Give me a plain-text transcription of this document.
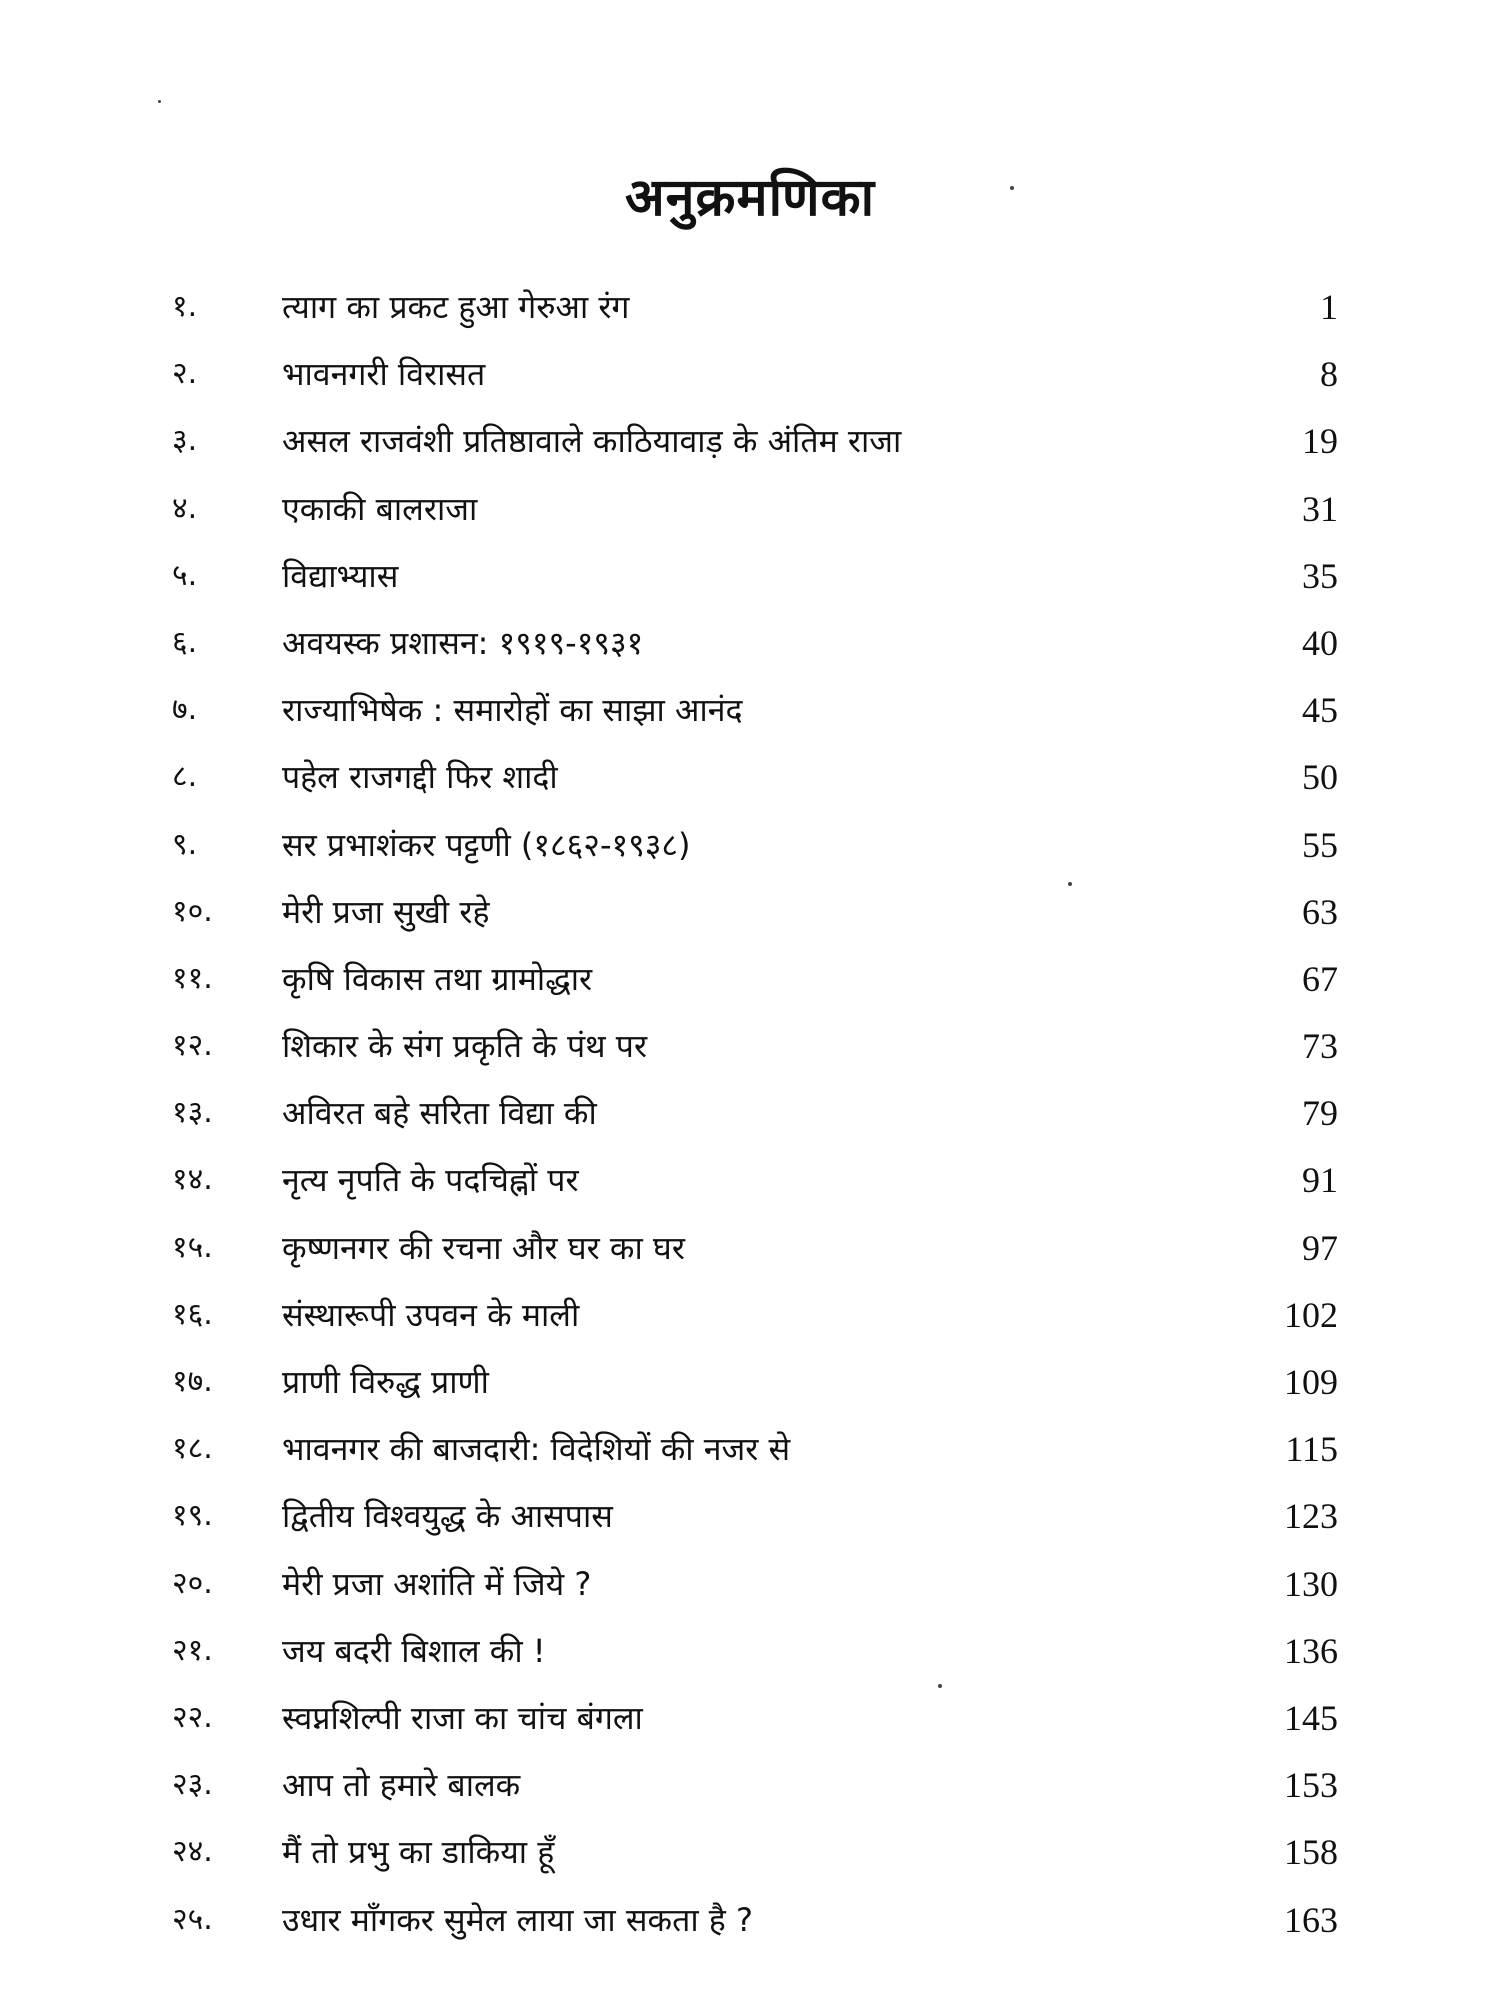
अनुक्रमणिका
१.	त्याग का प्रकट हुआ गेरुआ रंग	1
२.	भावनगरी विरासत	8
३.	असल राजवंशी प्रतिष्ठावाले काठियावाड़ के अंतिम राजा	19
४.	एकाकी बालराजा	31
५.	विद्याभ्यास	35
६.	अवयस्क प्रशासन: १९१९-१९३१	40
७.	राज्याभिषेक : समारोहों का साझा आनंद	45
८.	पहेल राजगद्दी फिर शादी	50
९.	सर प्रभाशंकर पट्टणी (१८६२-१९३८)	55
१०.	मेरी प्रजा सुखी रहे	63
११.	कृषि विकास तथा ग्रामोद्धार	67
१२.	शिकार के संग प्रकृति के पंथ पर	73
१३.	अविरत बहे सरिता विद्या की	79
१४.	नृत्य नृपति के पदचिह्नों पर	91
१५.	कृष्णनगर की रचना और घर का घर	97
१६.	संस्थारूपी उपवन के माली	102
१७.	प्राणी विरुद्ध प्राणी	109
१८.	भावनगर की बाजदारी: विदेशियों की नजर से	115
१९.	द्वितीय विश्वयुद्ध के आसपास	123
२०.	मेरी प्रजा अशांति में जिये ?	130
२१.	जय बदरी बिशाल की !	136
२२.	स्वप्नशिल्पी राजा का चांच बंगला	145
२३.	आप तो हमारे बालक	153
२४.	मैं तो प्रभु का डाकिया हूँ	158
२५.	उधार माँगकर सुमेल लाया जा सकता है ?	163
